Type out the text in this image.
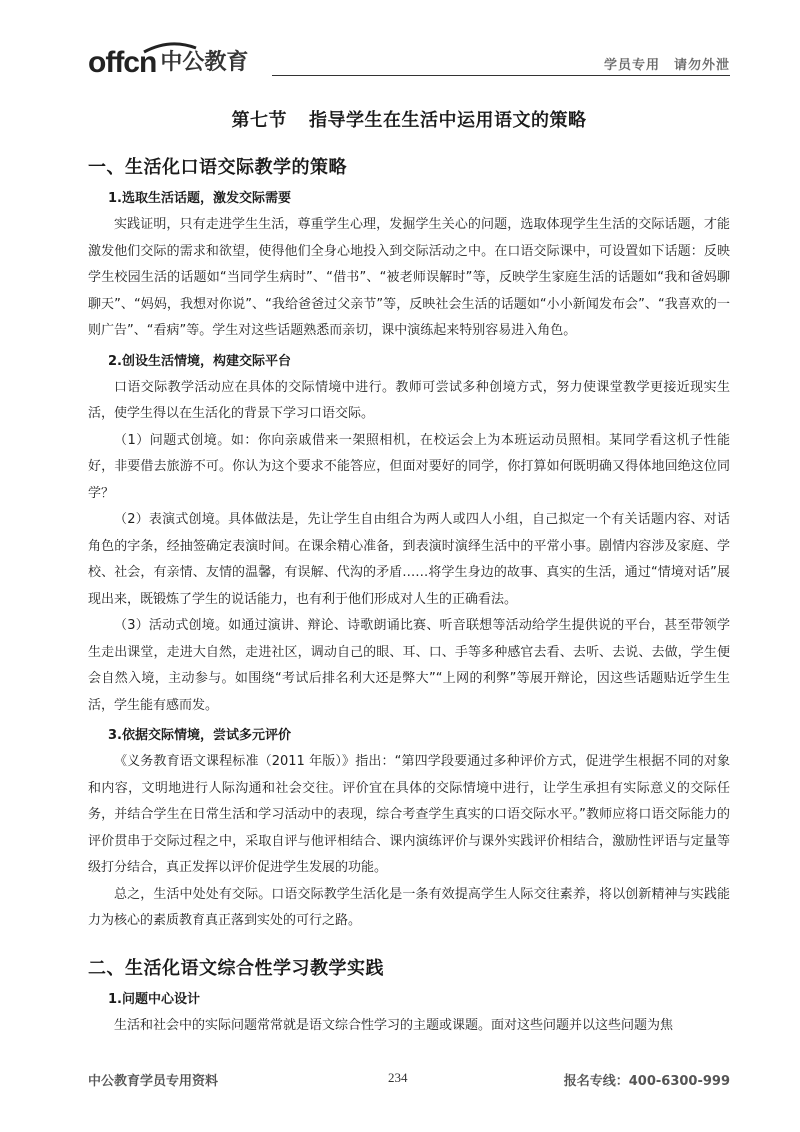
offcn 中公教育	学员专用 请勿外泄
第七节 指导学生在生活中运用语文的策略
一、生活化口语交际教学的策略
1.选取生活话题，激发交际需要

实践证明，只有走进学生生活，尊重学生心理，发掘学生关心的问题，选取体现学生生活的交际话题，才能激发他们交际的需求和欲望，使得他们全身心地投入到交际活动之中。在口语交际课中，可设置如下话题：反映学生校园生活的话题如“当同学生病时”、“借书”、“被老师误解时”等，反映学生家庭生活的话题如“我和爸妈聊聊天”、“妈妈，我想对你说”、“我给爸爸过父亲节”等，反映社会生活的话题如“小小新闻发布会”、“我喜欢的一则广告”、“看病”等。学生对这些话题熟悉而亲切，课中演练起来特别容易进入角色。

2.创设生活情境，构建交际平台

口语交际教学活动应在具体的交际情境中进行。教师可尝试多种创境方式，努力使课堂教学更接近现实生活，使学生得以在生活化的背景下学习口语交际。

（1）问题式创境。如：你向亲戚借来一架照相机，在校运会上为本班运动员照相。某同学看这机子性能好，非要借去旅游不可。你认为这个要求不能答应，但面对要好的同学，你打算如何既明确又得体地回绝这位同学？

（2）表演式创境。具体做法是，先让学生自由组合为两人或四人小组，自己拟定一个有关话题内容、对话角色的字条，经抽签确定表演时间。在课余精心准备，到表演时演绎生活中的平常小事。剧情内容涉及家庭、学校、社会，有亲情、友情的温馨，有误解、代沟的矛盾……将学生身边的故事、真实的生活，通过“情境对话”展现出来，既锻炼了学生的说话能力，也有利于他们形成对人生的正确看法。

（3）活动式创境。如通过演讲、辩论、诗歌朗诵比赛、听音联想等活动给学生提供说的平台，甚至带领学生走出课堂，走进大自然，走进社区，调动自己的眼、耳、口、手等多种感官去看、去听、去说、去做，学生便会自然入境，主动参与。如围绕“考试后排名利大还是弊大”“上网的利弊”等展开辩论，因这些话题贴近学生生活，学生能有感而发。

3.依据交际情境，尝试多元评价

《义务教育语文课程标准（2011 年版）》指出：“第四学段要通过多种评价方式，促进学生根据不同的对象和内容，文明地进行人际沟通和社会交往。评价宜在具体的交际情境中进行，让学生承担有实际意义的交际任务，并结合学生在日常生活和学习活动中的表现，综合考查学生真实的口语交际水平。”教师应将口语交际能力的评价贯串于交际过程之中，采取自评与他评相结合、课内演练评价与课外实践评价相结合，激励性评语与定量等级打分结合，真正发挥以评价促进学生发展的功能。

总之，生活中处处有交际。口语交际教学生活化是一条有效提高学生人际交往素养，将以创新精神与实践能力为核心的素质教育真正落到实处的可行之路。

二、生活化语文综合性学习教学实践
1.问题中心设计

生活和社会中的实际问题常常就是语文综合性学习的主题或课题。面对这些问题并以这些问题为焦

中公教育学员专用资料	234	报名专线：400-6300-999
